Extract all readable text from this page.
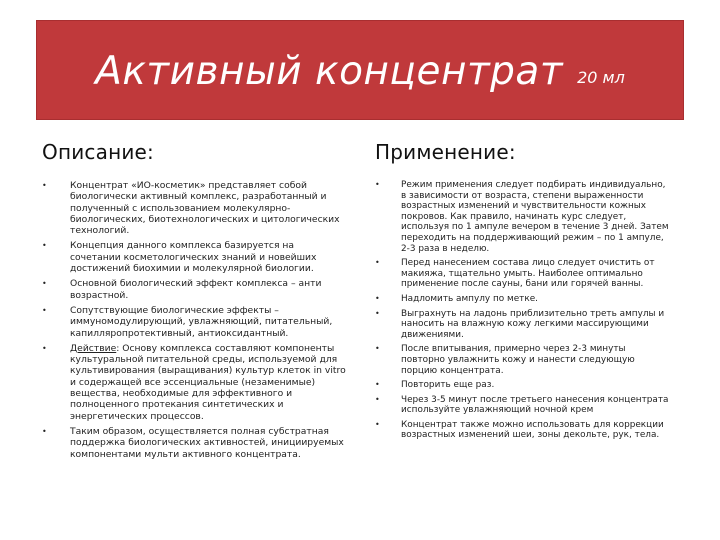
Активный концентрат 20 мл
Описание:
•	Концентрат «ИО-косметик» представляет собой биологически активный комплекс, разработанный и полученный с использованием молекулярно-биологических, биотехнологических и цитологических технологий.
•	Концепция данного комплекса базируется на сочетании косметологических знаний и новейших достижений биохимии и молекулярной биологии.
•	Основной биологический эффект комплекса – анти возрастной.
•	Сопутствующие биологические эффекты – иммуномодулирующий, увлажняющий, питательный, капилляропротективный, антиоксидантный.
•	Действие: Основу комплекса составляют компоненты культуральной питательной среды, используемой для культивирования (выращивания) культур клеток in vitro и содержащей все эссенциальные (незаменимые) вещества, необходимые для эффективного и полноценного протекания синтетических и энергетических процессов.
•	Таким образом, осуществляется полная субстратная поддержка биологических активностей, инициируемых компонентами мульти активного концентрата.
Применение:
• Режим применения следует подбирать индивидуально, в зависимости от возраста, степени выраженности возрастных изменений и чувствительности кожных покровов. Как правило, начинать курс следует, используя по 1 ампуле вечером в течение 3 дней. Затем переходить на поддерживающий режим – по 1 ампуле, 2-3 раза в неделю.
• Перед нанесением состава лицо следует очистить от макияжа, тщательно умыть. Наиболее оптимально применение после сауны, бани или горячей ванны.
• Надломить ампулу по метке.
• Выграхнуть на ладонь приблизительно треть ампулы и наносить на влажную кожу легкими массирующими движениями.
• После впитывания, примерно через 2-3 минуты повторно увлажнить кожу и нанести следующую порцию концентрата.
• Повторить еще раз.
• Через 3-5 минут после третьего нанесения концентрата используйте увлажняющий ночной крем
• Концентрат также можно использовать для коррекции возрастных изменений шеи, зоны декольте, рук, тела.
